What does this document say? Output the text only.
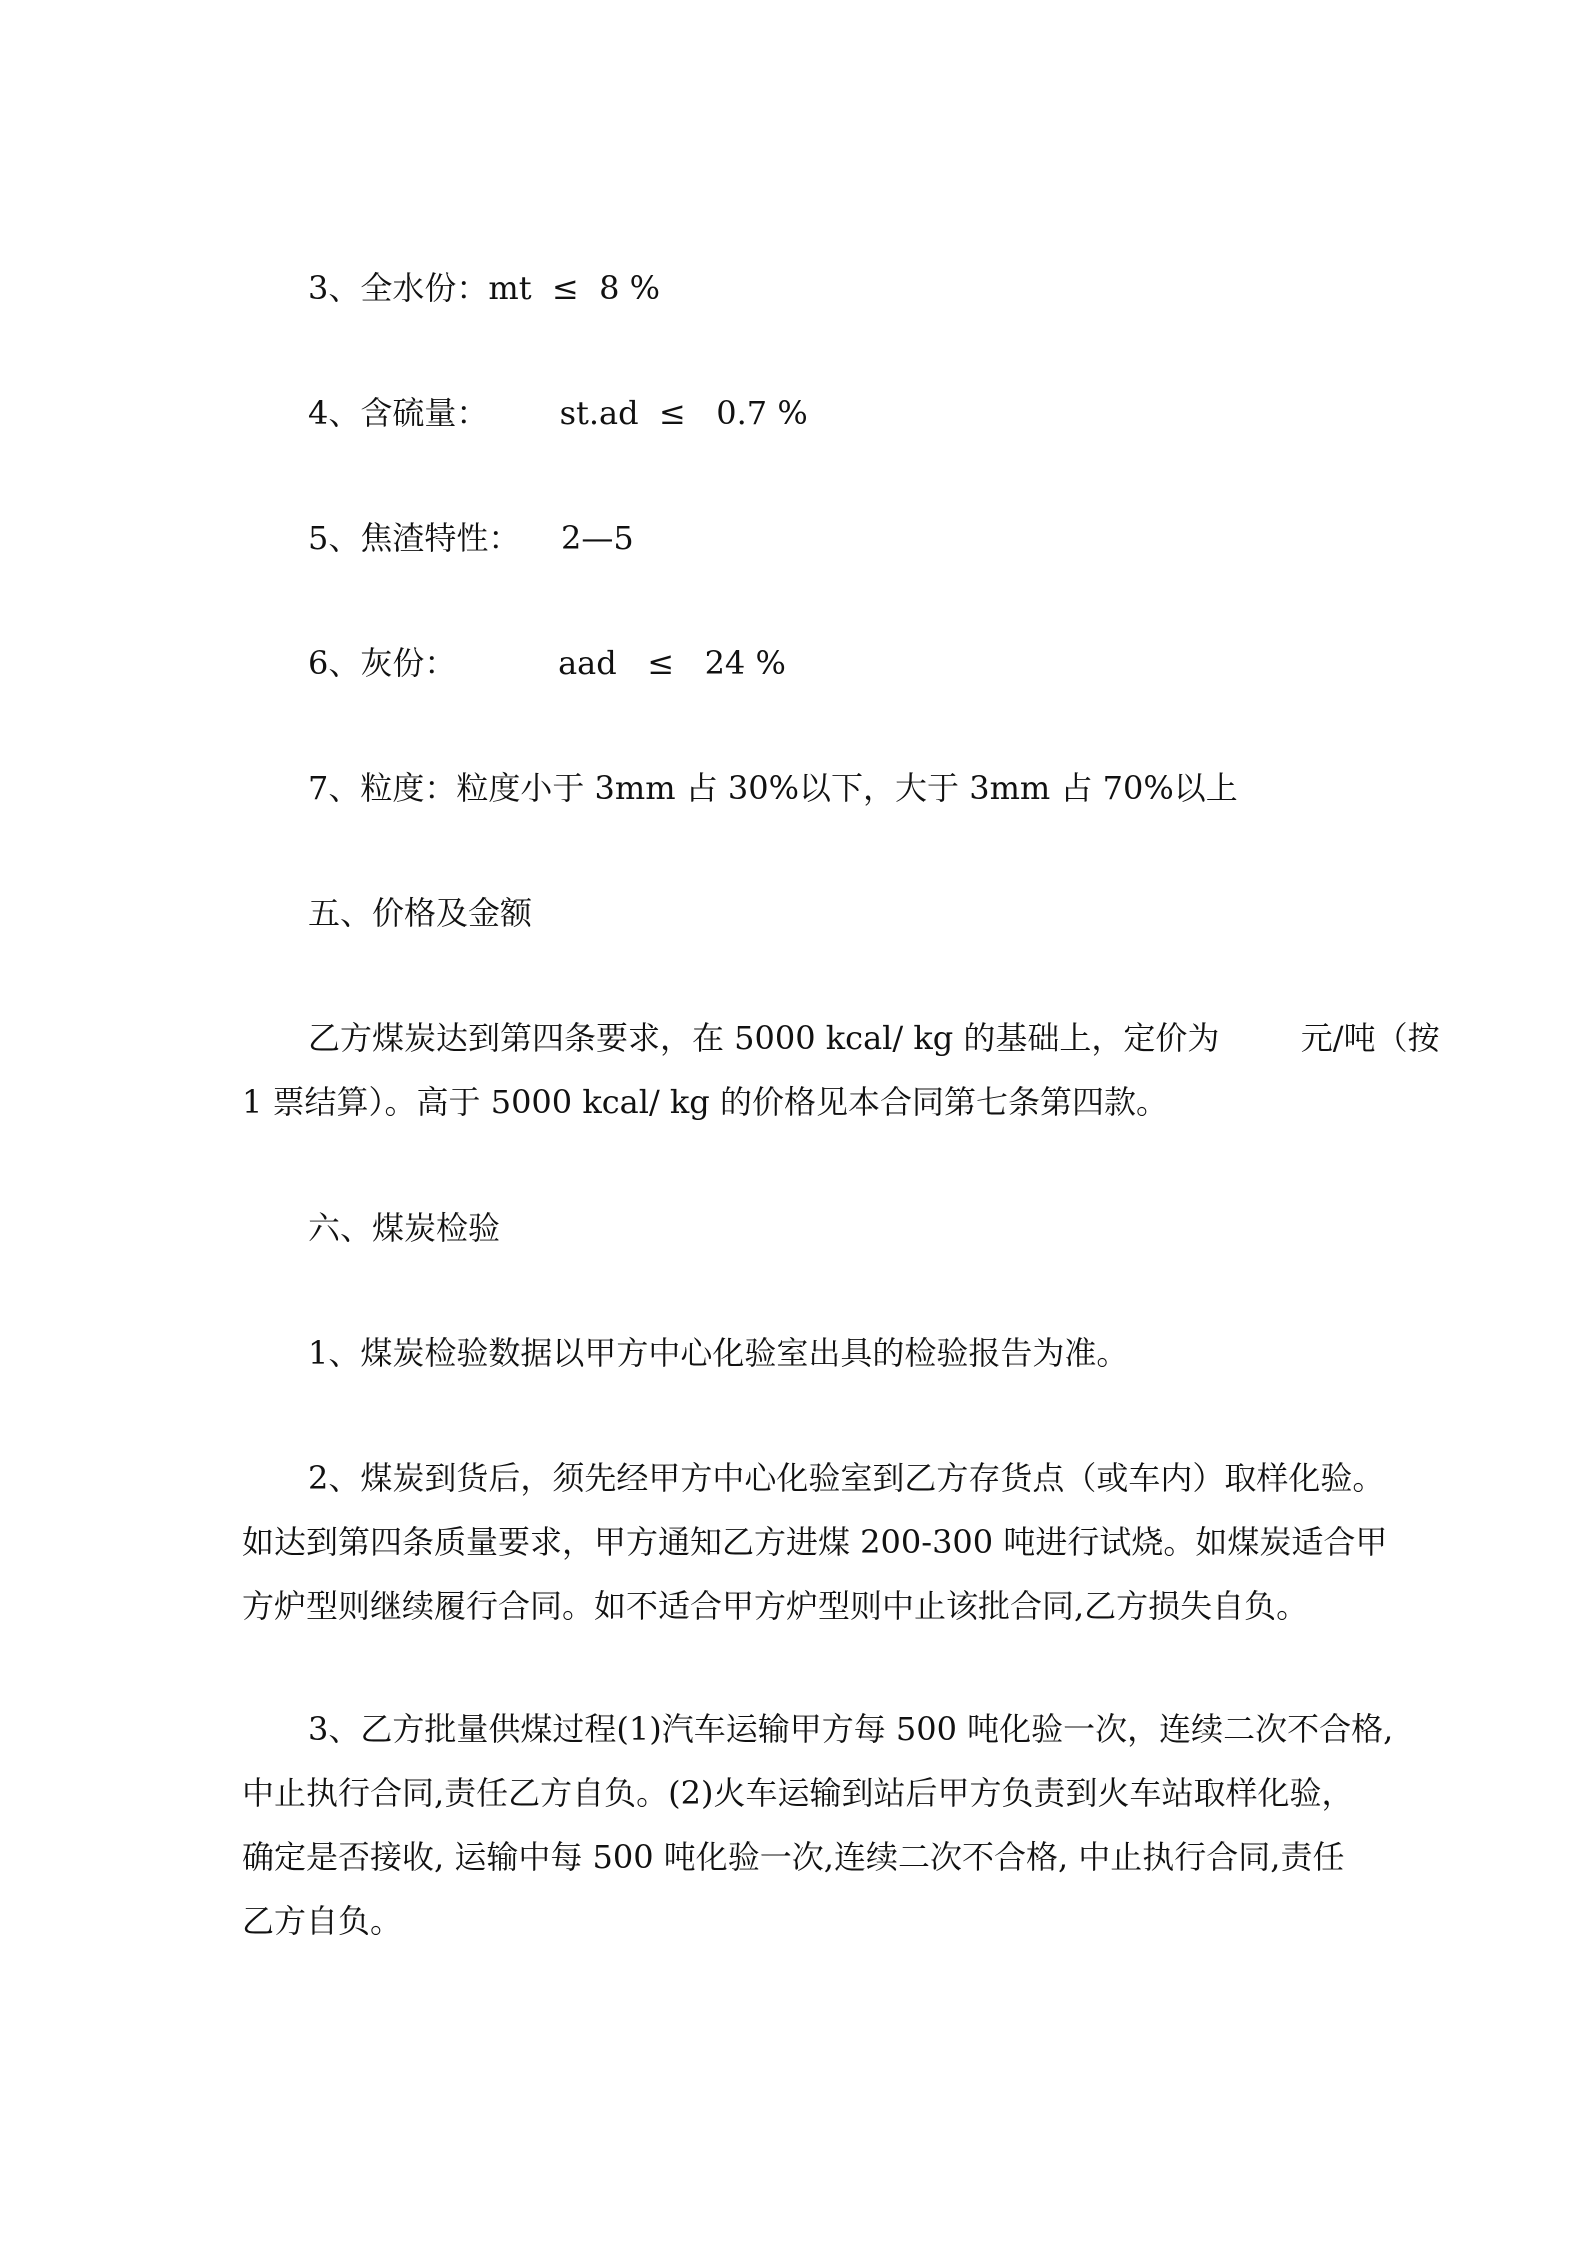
3、全水份：mt  ≤  8 %
4、含硫量：       st.ad  ≤   0.7 %
5、焦渣特性：    2—5
6、灰份：          aad   ≤   24 %
7、粒度：粒度小于 3mm 占 30%以下，大于 3mm 占 70%以上
五、价格及金额
乙方煤炭达到第四条要求，在 5000 kcal/ kg 的基础上，定价为        元/吨（按
1 票结算）。高于 5000 kcal/ kg 的价格见本合同第七条第四款。
六、煤炭检验
1、煤炭检验数据以甲方中心化验室出具的检验报告为准。
2、煤炭到货后，须先经甲方中心化验室到乙方存货点（或车内）取样化验。
如达到第四条质量要求，甲方通知乙方进煤 200-300 吨进行试烧。如煤炭适合甲
方炉型则继续履行合同。如不适合甲方炉型则中止该批合同,乙方损失自负。
3、乙方批量供煤过程(1)汽车运输甲方每 500 吨化验一次，连续二次不合格,
中止执行合同,责任乙方自负。(2)火车运输到站后甲方负责到火车站取样化验，
确定是否接收, 运输中每 500 吨化验一次,连续二次不合格, 中止执行合同,责任
乙方自负。
